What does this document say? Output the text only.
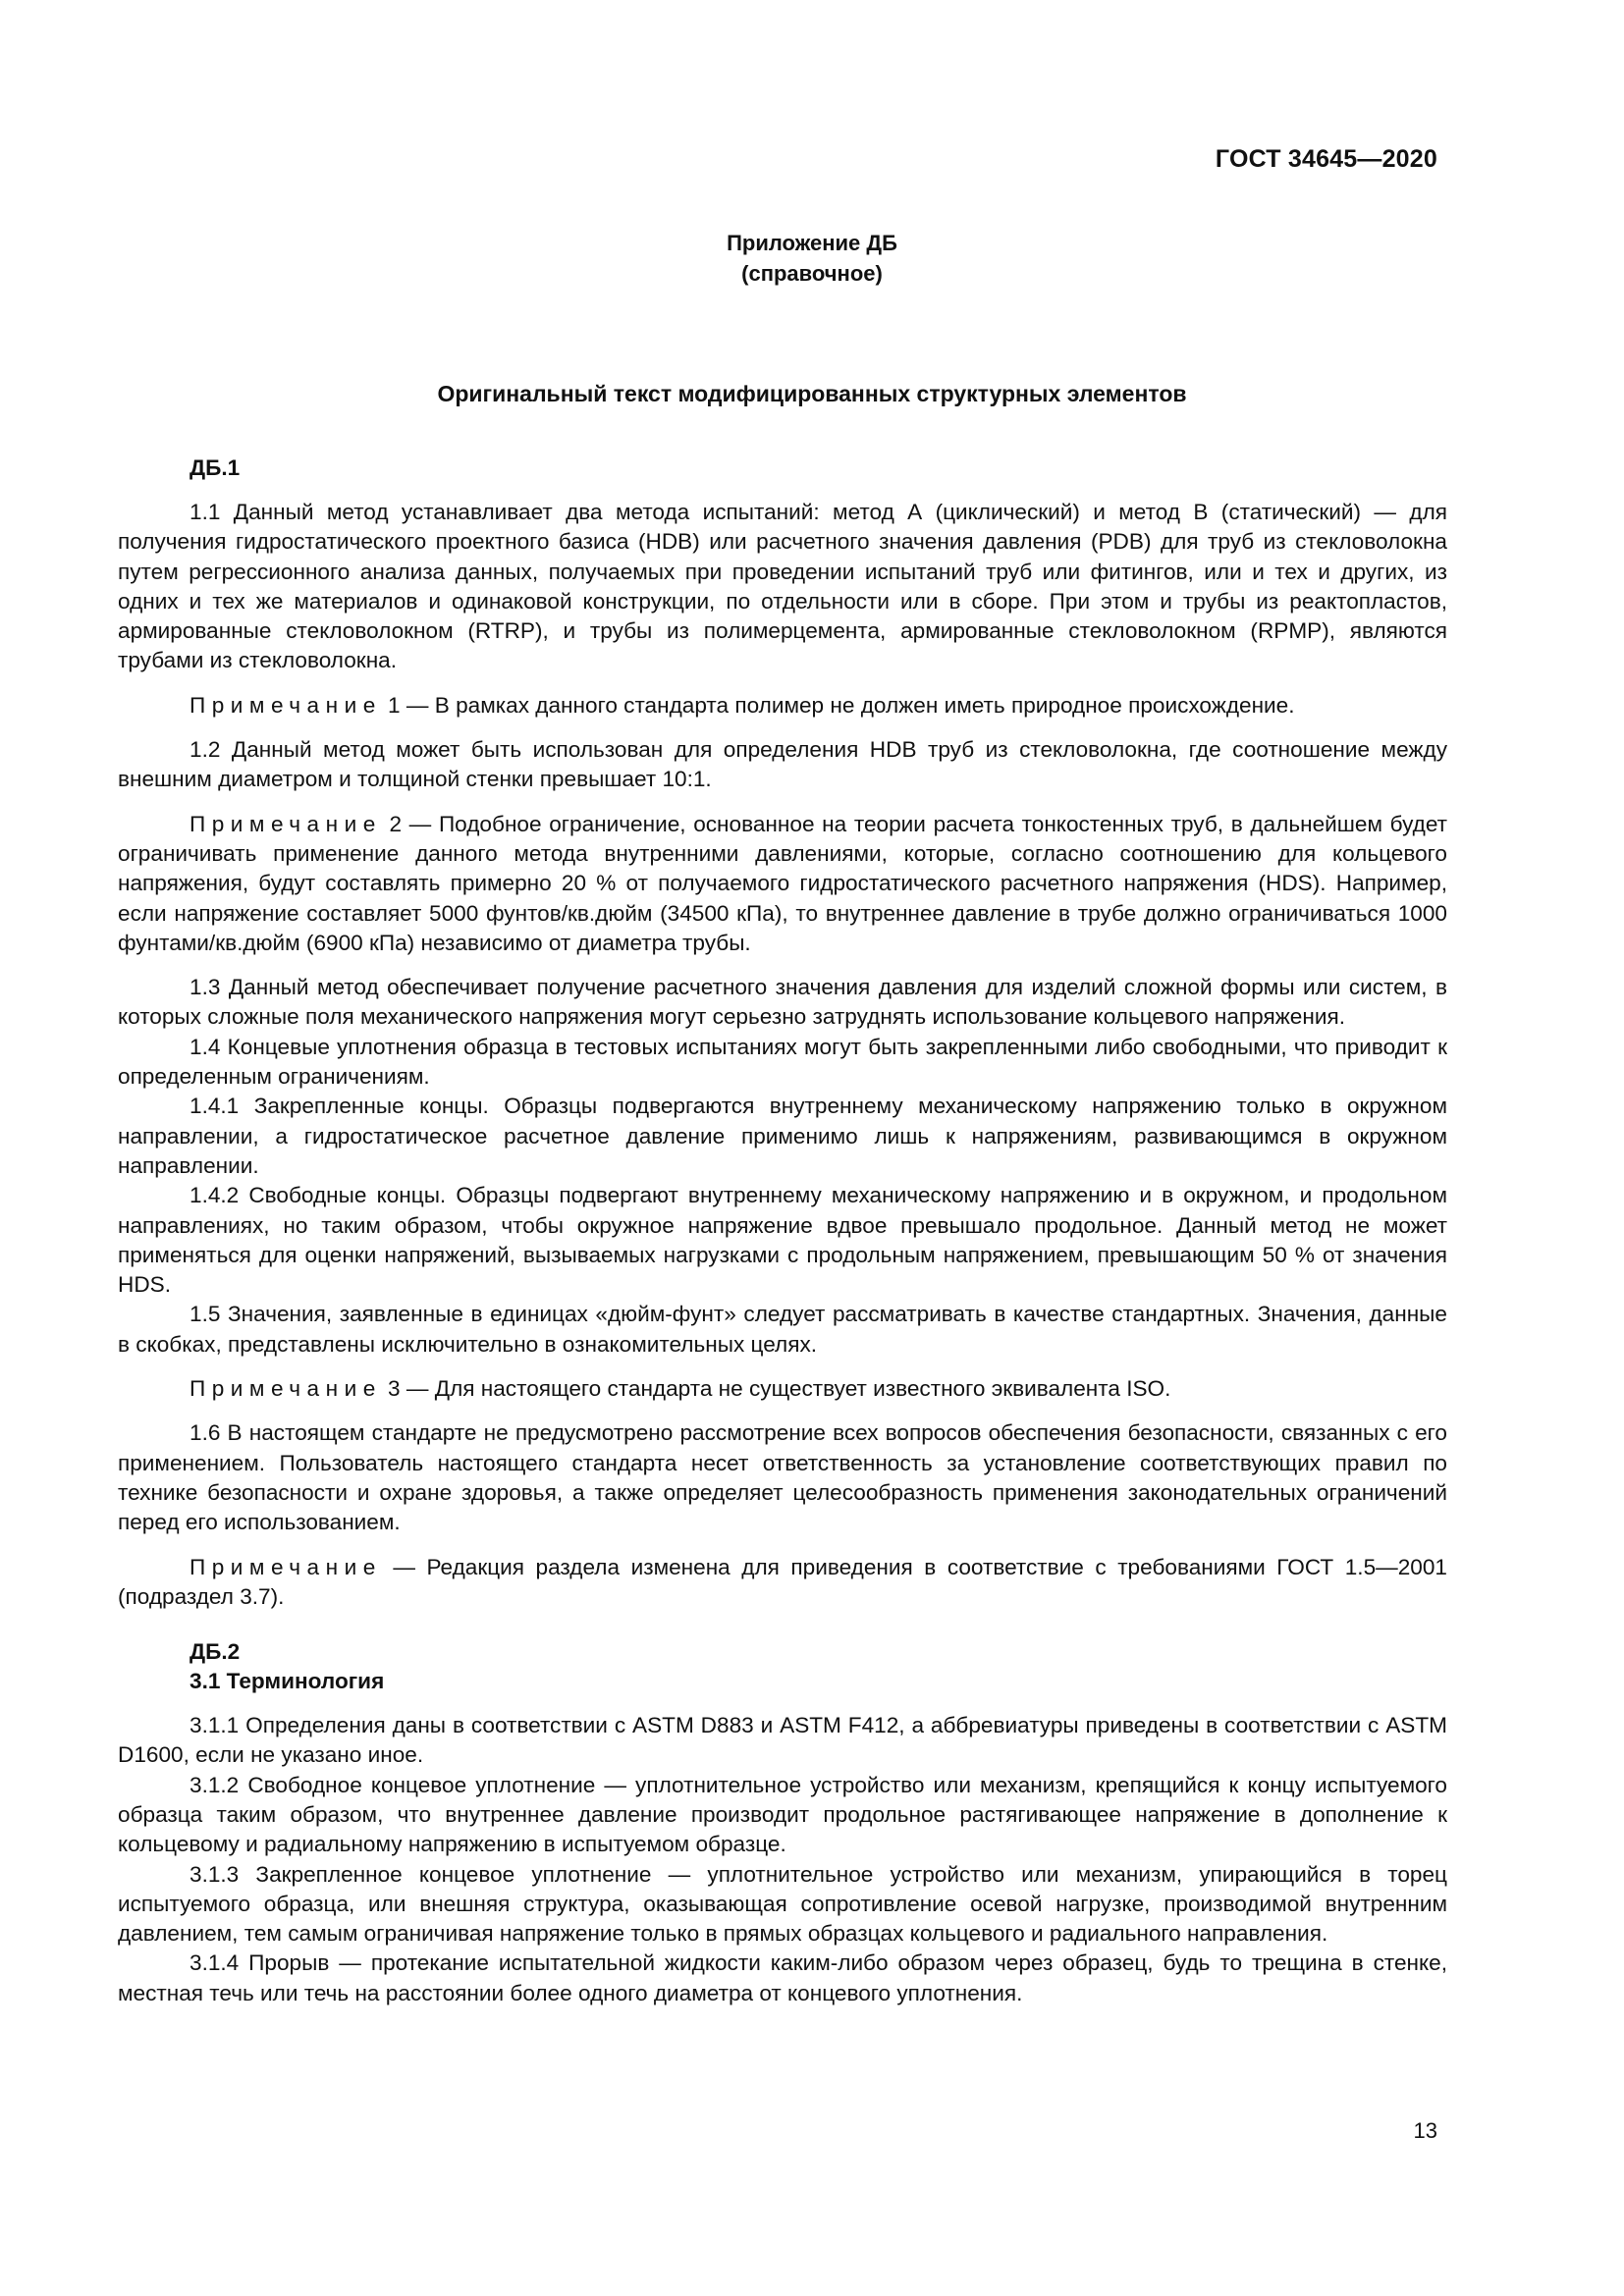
ГОСТ 34645—2020
Приложение ДБ
(справочное)
Оригинальный текст модифицированных структурных элементов
ДБ.1

1.1 Данный метод устанавливает два метода испытаний: метод А (циклический) и метод В (статический) — для получения гидростатического проектного базиса (HDB) или расчетного значения давления (PDB) для труб из стекловолокна путем регрессионного анализа данных, получаемых при проведении испытаний труб или фитингов, или и тех и других, из одних и тех же материалов и одинаковой конструкции, по отдельности или в сборе. При этом и трубы из реактопластов, армированные стекловолокном (RTRP), и трубы из полимерцемента, армированные стекловолокном (RPMP), являются трубами из стекловолокна.

Примечание 1 — В рамках данного стандарта полимер не должен иметь природное происхождение.

1.2 Данный метод может быть использован для определения HDB труб из стекловолокна, где соотношение между внешним диаметром и толщиной стенки превышает 10:1.

Примечание 2 — Подобное ограничение, основанное на теории расчета тонкостенных труб, в дальнейшем будет ограничивать применение данного метода внутренними давлениями, которые, согласно соотношению для кольцевого напряжения, будут составлять примерно 20 % от получаемого гидростатического расчетного напряжения (HDS). Например, если напряжение составляет 5000 фунтов/кв.дюйм (34500 кПа), то внутреннее давление в трубе должно ограничиваться 1000 фунтами/кв.дюйм (6900 кПа) независимо от диаметра трубы.

1.3 Данный метод обеспечивает получение расчетного значения давления для изделий сложной формы или систем, в которых сложные поля механического напряжения могут серьезно затруднять использование кольцевого напряжения.

1.4 Концевые уплотнения образца в тестовых испытаниях могут быть закрепленными либо свободными, что приводит к определенным ограничениям.

1.4.1 Закрепленные концы. Образцы подвергаются внутреннему механическому напряжению только в окружном направлении, а гидростатическое расчетное давление применимо лишь к напряжениям, развивающимся в окружном направлении.

1.4.2 Свободные концы. Образцы подвергают внутреннему механическому напряжению и в окружном, и продольном направлениях, но таким образом, чтобы окружное напряжение вдвое превышало продольное. Данный метод не может применяться для оценки напряжений, вызываемых нагрузками с продольным напряжением, превышающим 50 % от значения HDS.

1.5 Значения, заявленные в единицах «дюйм-фунт» следует рассматривать в качестве стандартных. Значения, данные в скобках, представлены исключительно в ознакомительных целях.

Примечание 3 — Для настоящего стандарта не существует известного эквивалента ISO.

1.6 В настоящем стандарте не предусмотрено рассмотрение всех вопросов обеспечения безопасности, связанных с его применением. Пользователь настоящего стандарта несет ответственность за установление соответствующих правил по технике безопасности и охране здоровья, а также определяет целесообразность применения законодательных ограничений перед его использованием.

Примечание — Редакция раздела изменена для приведения в соответствие с требованиями ГОСТ 1.5—2001 (подраздел 3.7).

ДБ.2
3.1 Терминология

3.1.1 Определения даны в соответствии с ASTM D883 и ASTM F412, а аббревиатуры приведены в соответствии с ASTM D1600, если не указано иное.

3.1.2 Свободное концевое уплотнение — уплотнительное устройство или механизм, крепящийся к концу испытуемого образца таким образом, что внутреннее давление производит продольное растягивающее напряжение в дополнение к кольцевому и радиальному напряжению в испытуемом образце.

3.1.3 Закрепленное концевое уплотнение — уплотнительное устройство или механизм, упирающийся в торец испытуемого образца, или внешняя структура, оказывающая сопротивление осевой нагрузке, производимой внутренним давлением, тем самым ограничивая напряжение только в прямых образцах кольцевого и радиального направления.

3.1.4 Прорыв — протекание испытательной жидкости каким-либо образом через образец, будь то трещина в стенке, местная течь или течь на расстоянии более одного диаметра от концевого уплотнения.

13
